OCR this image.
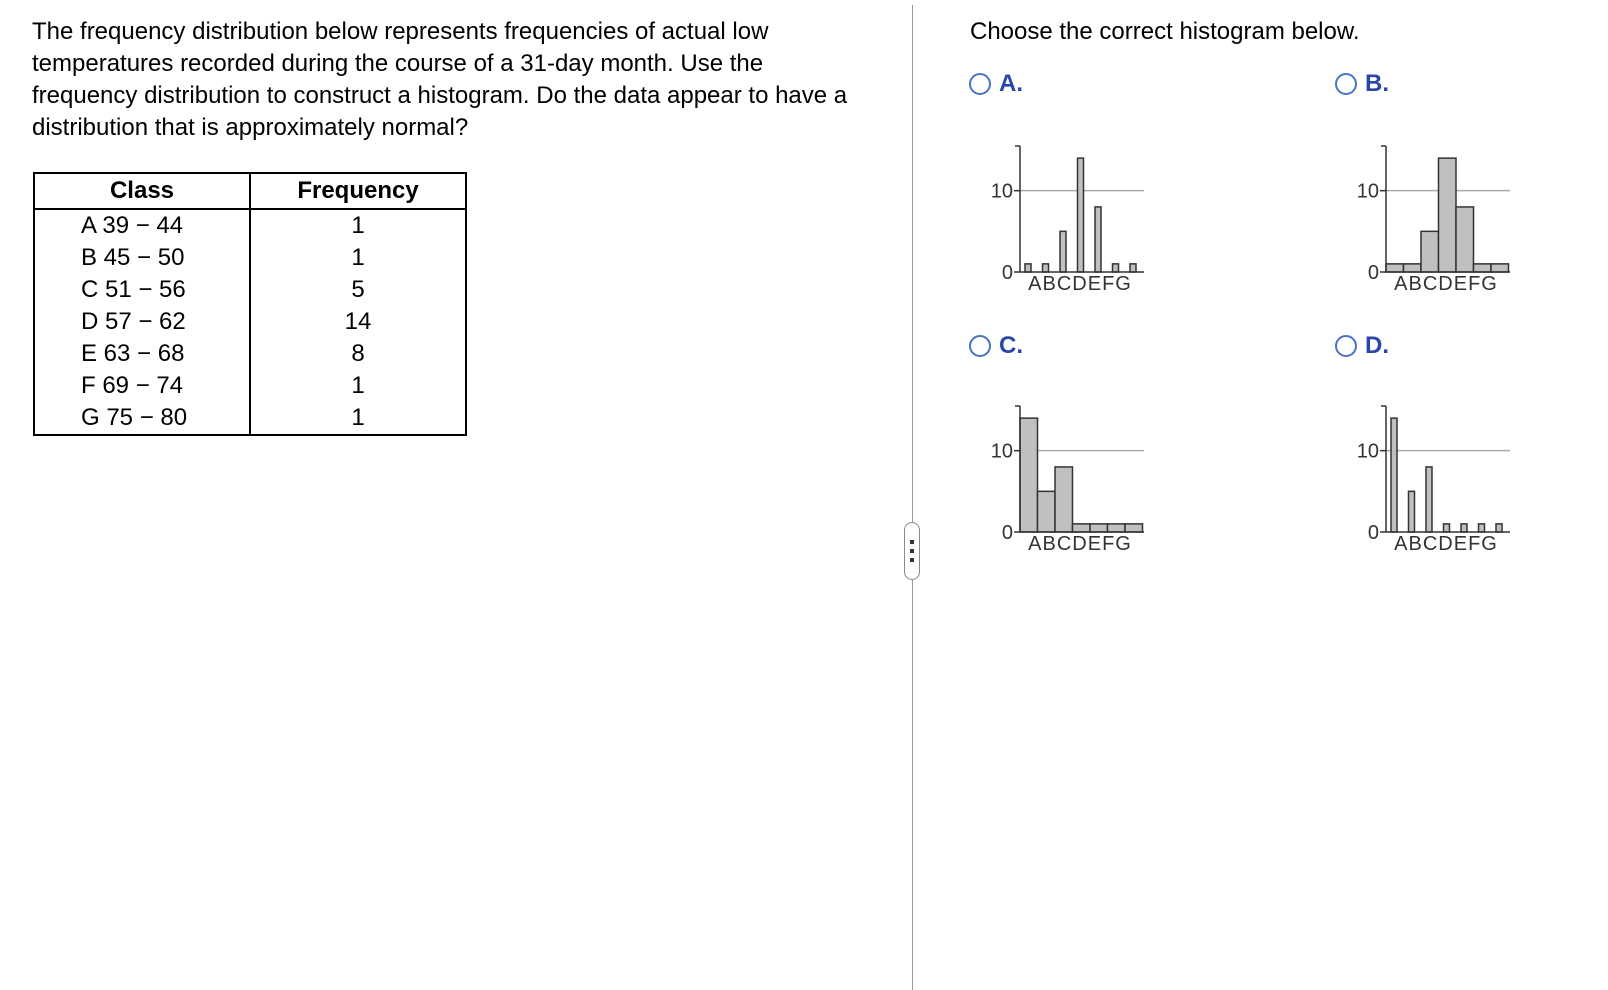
The frequency distribution below represents frequencies of actual low temperatures recorded during the course of a 31-day month. Use the frequency distribution to construct a histogram. Do the data appear to have a distribution that is approximately normal?
Class	Frequency
A 39 − 44	1
B 45 − 50	1
C 51 − 56	5
D 57 − 62	14
E 63 − 68	8
F 69 − 74	1
G 75 − 80	1
Choose the correct histogram below.
A.	B.
C.	D.
0
10
ABCDEFG	0
10
ABCDEFG
0
10
ABCDEFG	0
10
ABCDEFG
